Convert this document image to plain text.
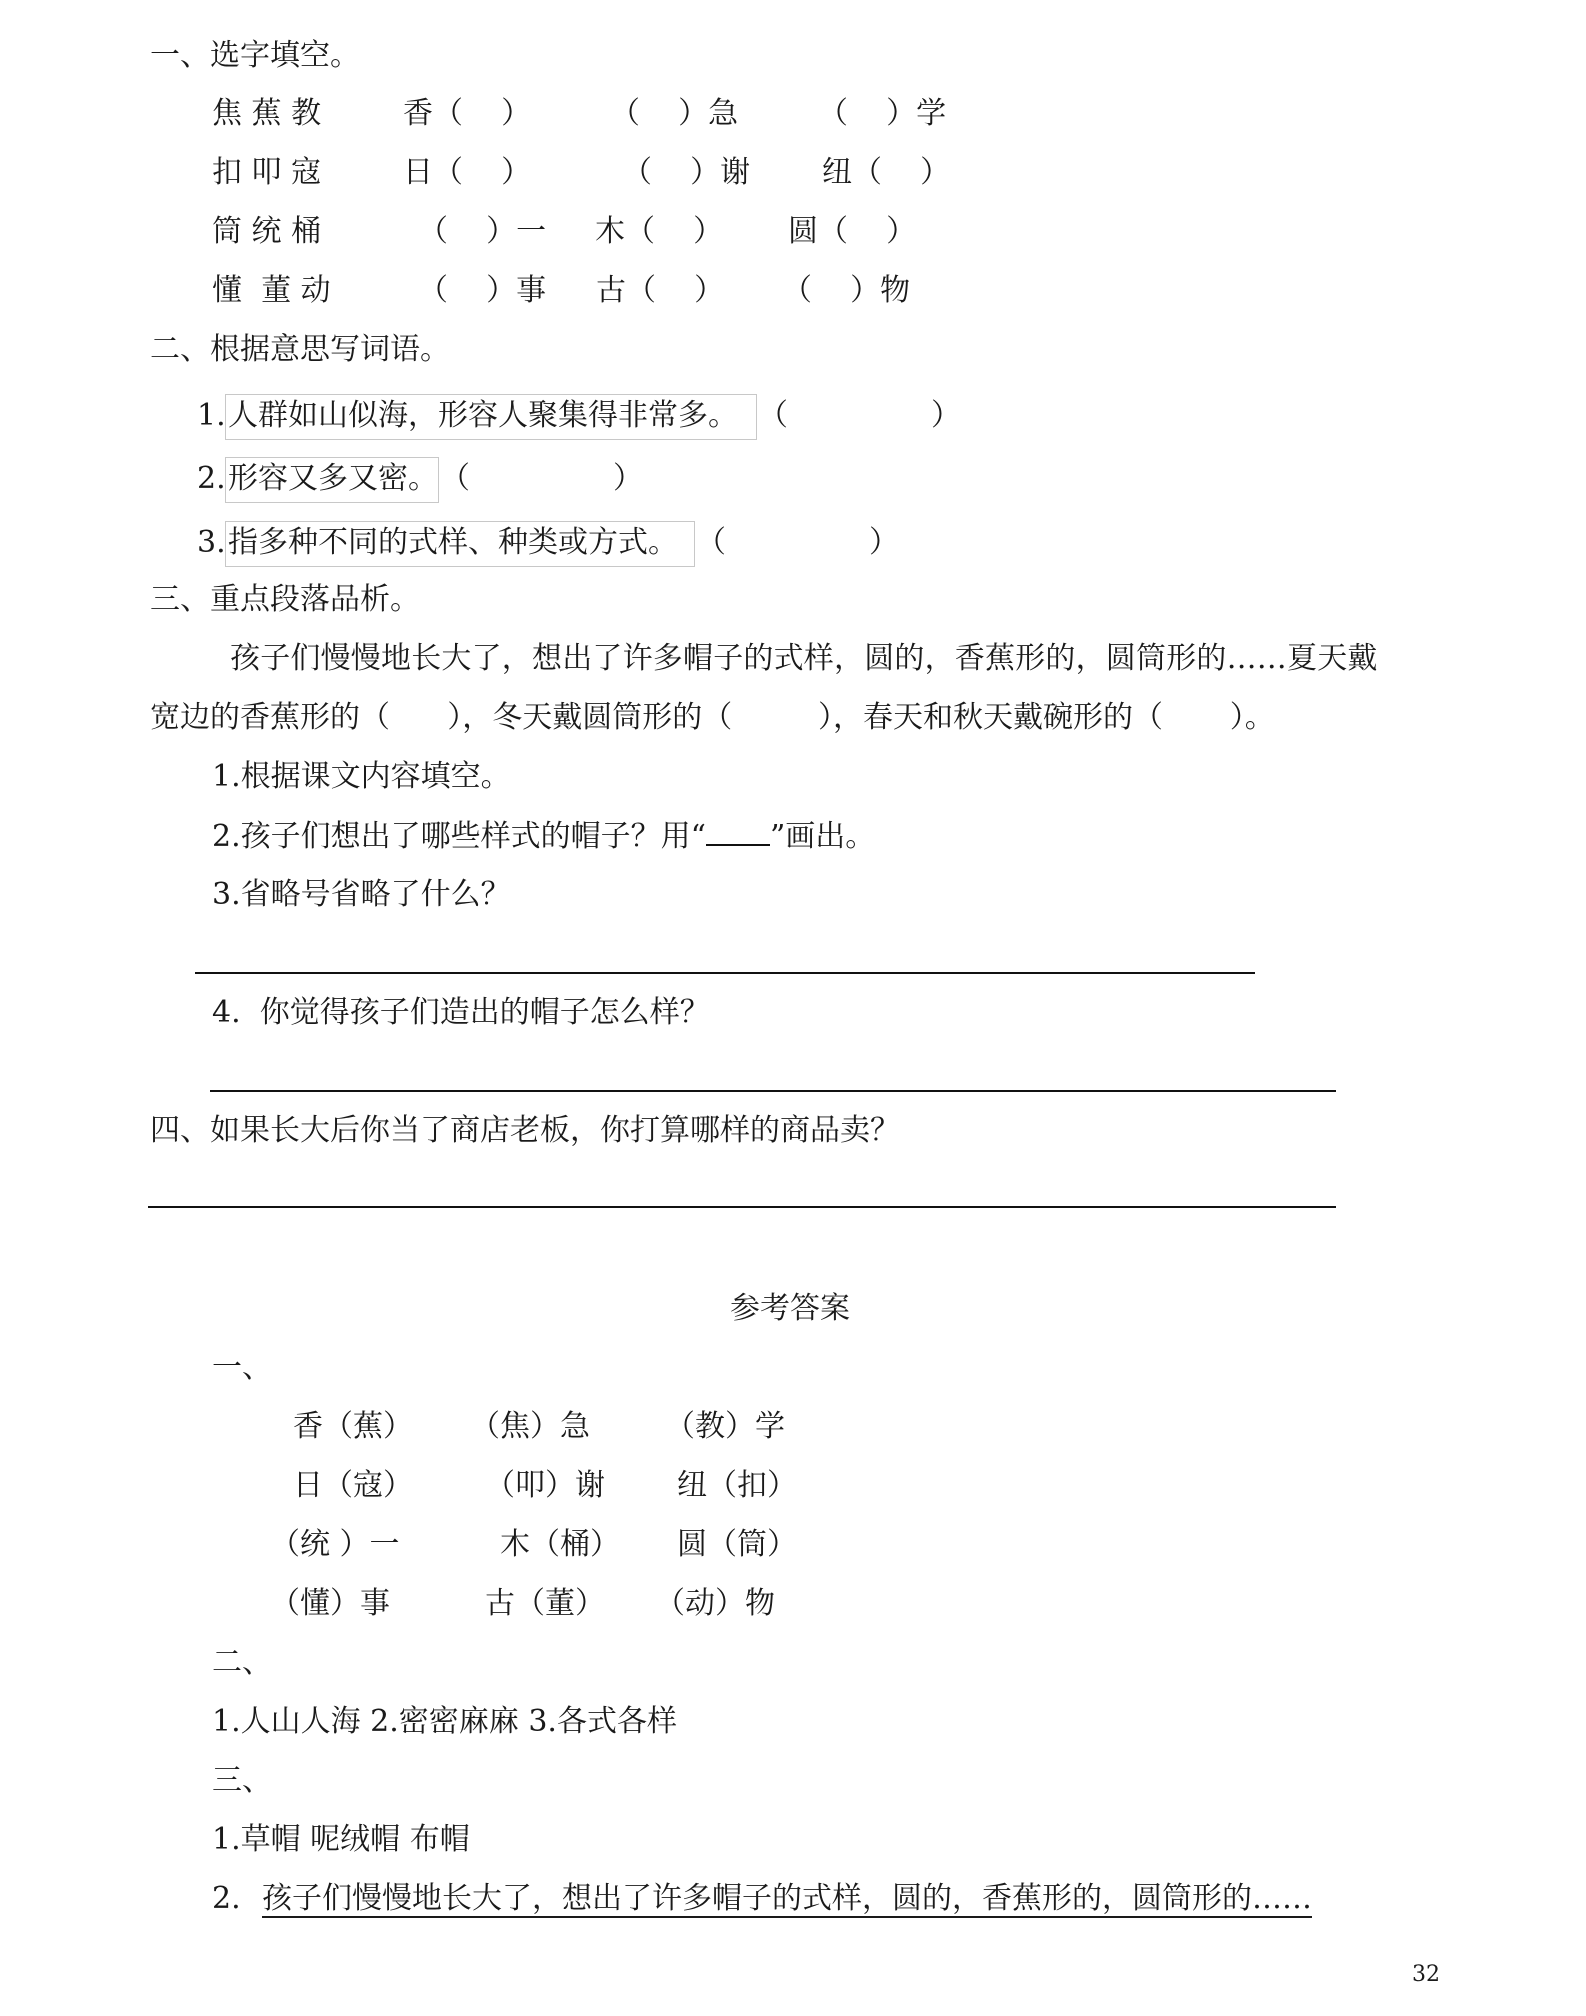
一、选字填空。
焦 蕉 教	香（    ）	（    ）急	（    ）学
扣 叩 寇	日（    ）	（    ）谢 纽（    ）
筒 统 桶	（    ）一 木（    ） 圆（    ）
懂  董 动	（    ）事 古（    ） （    ）物
二、根据意思写词语。
1. 人群如山似海，形容人聚集得非常多。 （               ）
2. 形容又多又密。 （               ）
3. 指多种不同的式样、种类或方式。 （               ）
三、重点段落品析。
孩子们慢慢地长大了，想出了许多帽子的式样，圆的，香蕉形的，圆筒形的……夏天戴
宽边的香蕉形的（      ），冬天戴圆筒形的（         ），春天和秋天戴碗形的（       ）。
1.根据课文内容填空。
2.孩子们想出了哪些样式的帽子？用“ ”画出。
3.省略号省略了什么？
4.  你觉得孩子们造出的帽子怎么样？
四、如果长大后你当了商店老板，你打算哪样的商品卖？
参考答案
一、
香（蕉） （焦）急	（教）学
日（寇） （叩）谢 纽（扣）
（统 ）一	木（桶） 圆（筒）
（懂）事	古（董） （动）物
二、
1.人山人海 2.密密麻麻 3.各式各样
三、
1.草帽 呢绒帽 布帽
2. 孩子们慢慢地长大了，想出了许多帽子的式样，圆的，香蕉形的，圆筒形的……
32
